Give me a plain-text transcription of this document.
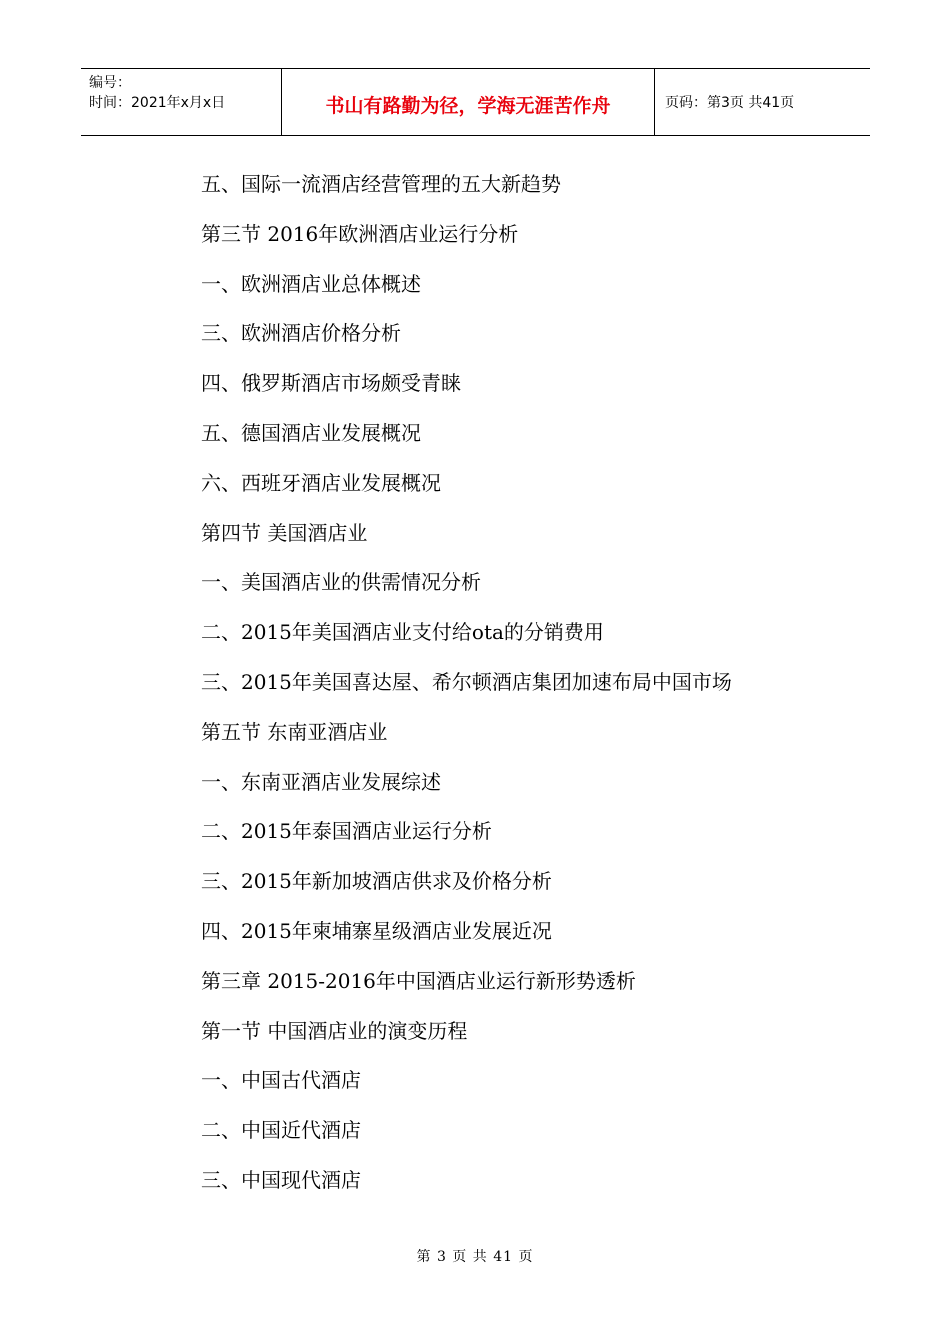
编号：
时间：2021年x月x日	书山有路勤为径，学海无涯苦作舟	页码：第3页 共41页
五、国际一流酒店经营管理的五大新趋势
第三节 2016年欧洲酒店业运行分析
一、欧洲酒店业总体概述
三、欧洲酒店价格分析
四、俄罗斯酒店市场颇受青睐
五、德国酒店业发展概况
六、西班牙酒店业发展概况
第四节 美国酒店业
一、美国酒店业的供需情况分析
二、2015年美国酒店业支付给ota的分销费用
三、2015年美国喜达屋、希尔顿酒店集团加速布局中国市场
第五节 东南亚酒店业
一、东南亚酒店业发展综述
二、2015年泰国酒店业运行分析
三、2015年新加坡酒店供求及价格分析
四、2015年柬埔寨星级酒店业发展近况
第三章 2015-2016年中国酒店业运行新形势透析
第一节 中国酒店业的演变历程
一、中国古代酒店
二、中国近代酒店
三、中国现代酒店
第 3 页 共 41 页
